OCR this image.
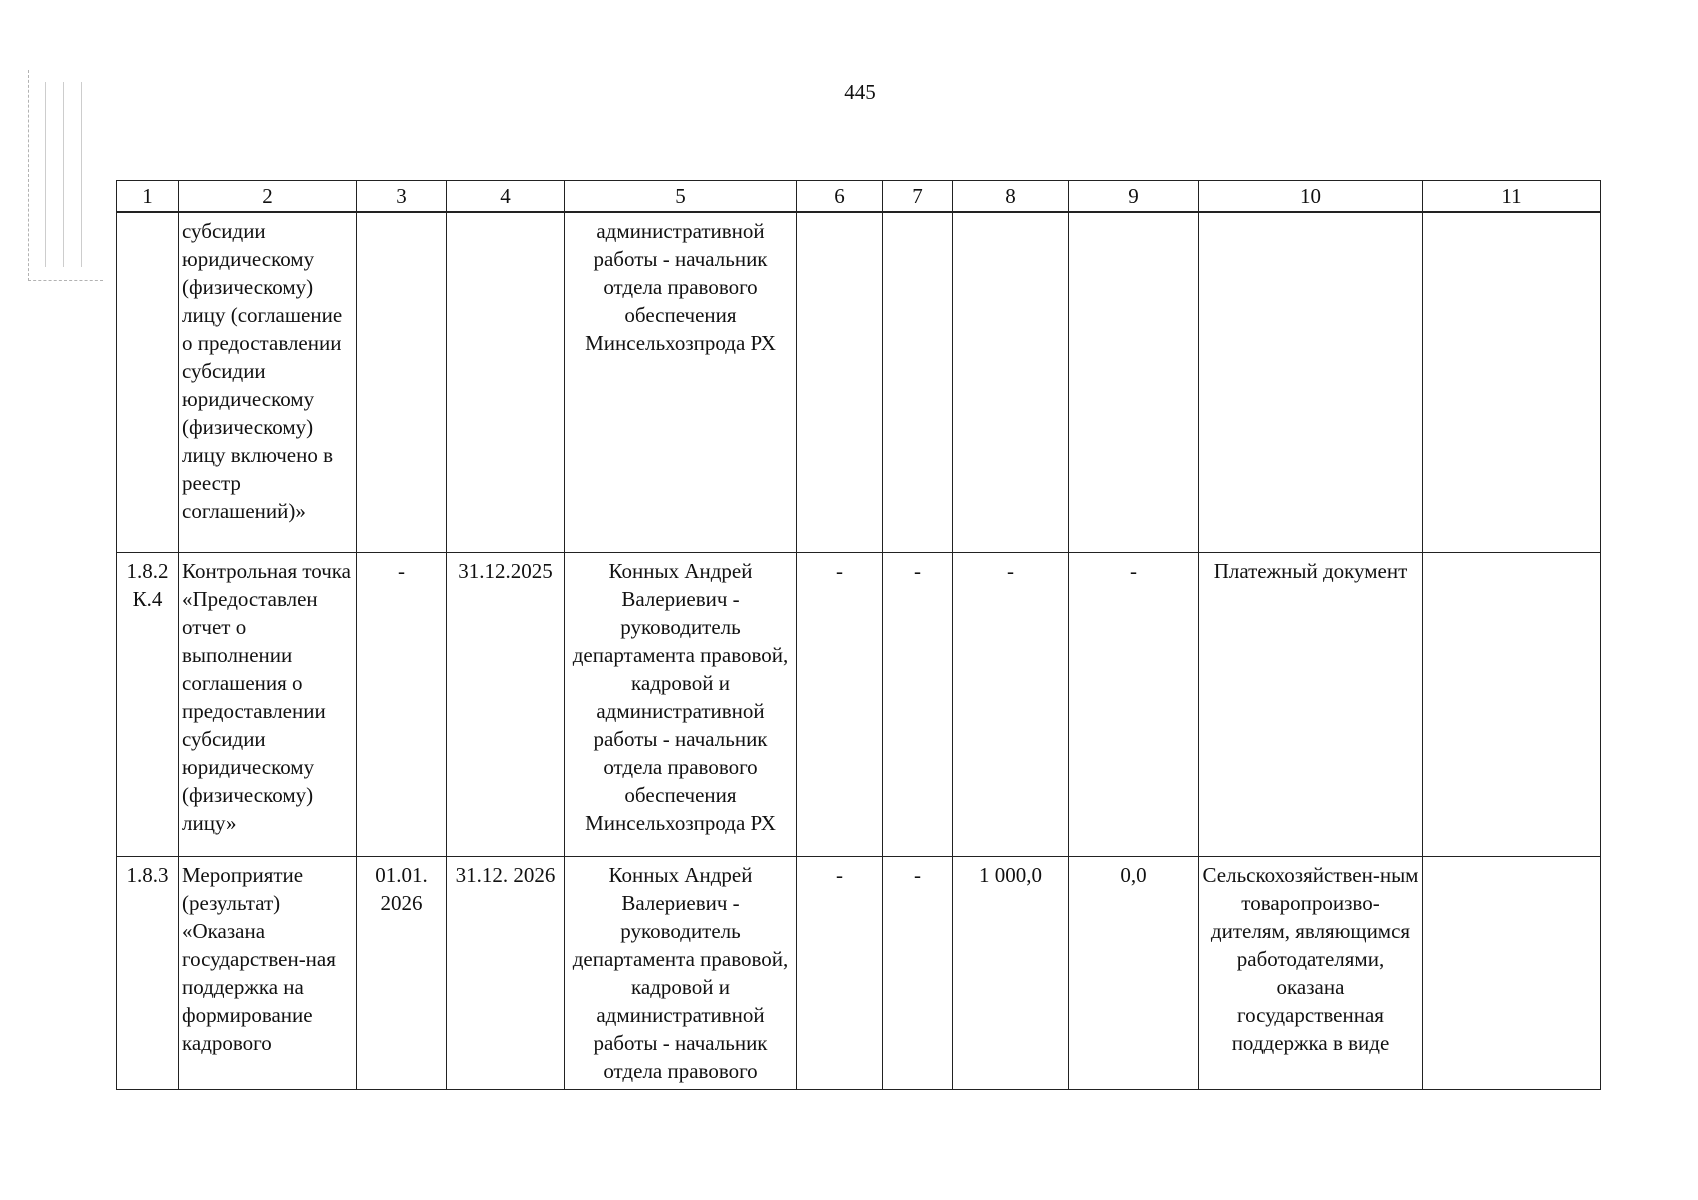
445
1	2	3	4	5	6	7	8	9	10	11
	субсидии юридическому (физическому) лицу (соглашение о предоставлении субсидии юридическому (физическому) лицу включено в реестр соглашений)»			административной работы - начальник отдела правового обеспечения Минсельхозпрода РХ						
1.8.2 К.4	Контрольная точка «Предоставлен отчет о выполнении соглашения о предоставлении субсидии юридическому (физическому) лицу»	-	31.12.2025	Конных Андрей Валериевич - руководитель департамента правовой, кадровой и административной работы - начальник отдела правового обеспечения Минсельхозпрода РХ	-	-	-	-	Платежный документ	
1.8.3	Мероприятие (результат) «Оказана государствен-ная поддержка на формирование кадрового	01.01. 2026	31.12. 2026	Конных Андрей Валериевич - руководитель департамента правовой, кадровой и административной работы - начальник отдела правового	-	-	1 000,0	0,0	Сельскохозяйствен-ным товаропроизво-дителям, являющимся работодателями, оказана государственная поддержка в виде	
